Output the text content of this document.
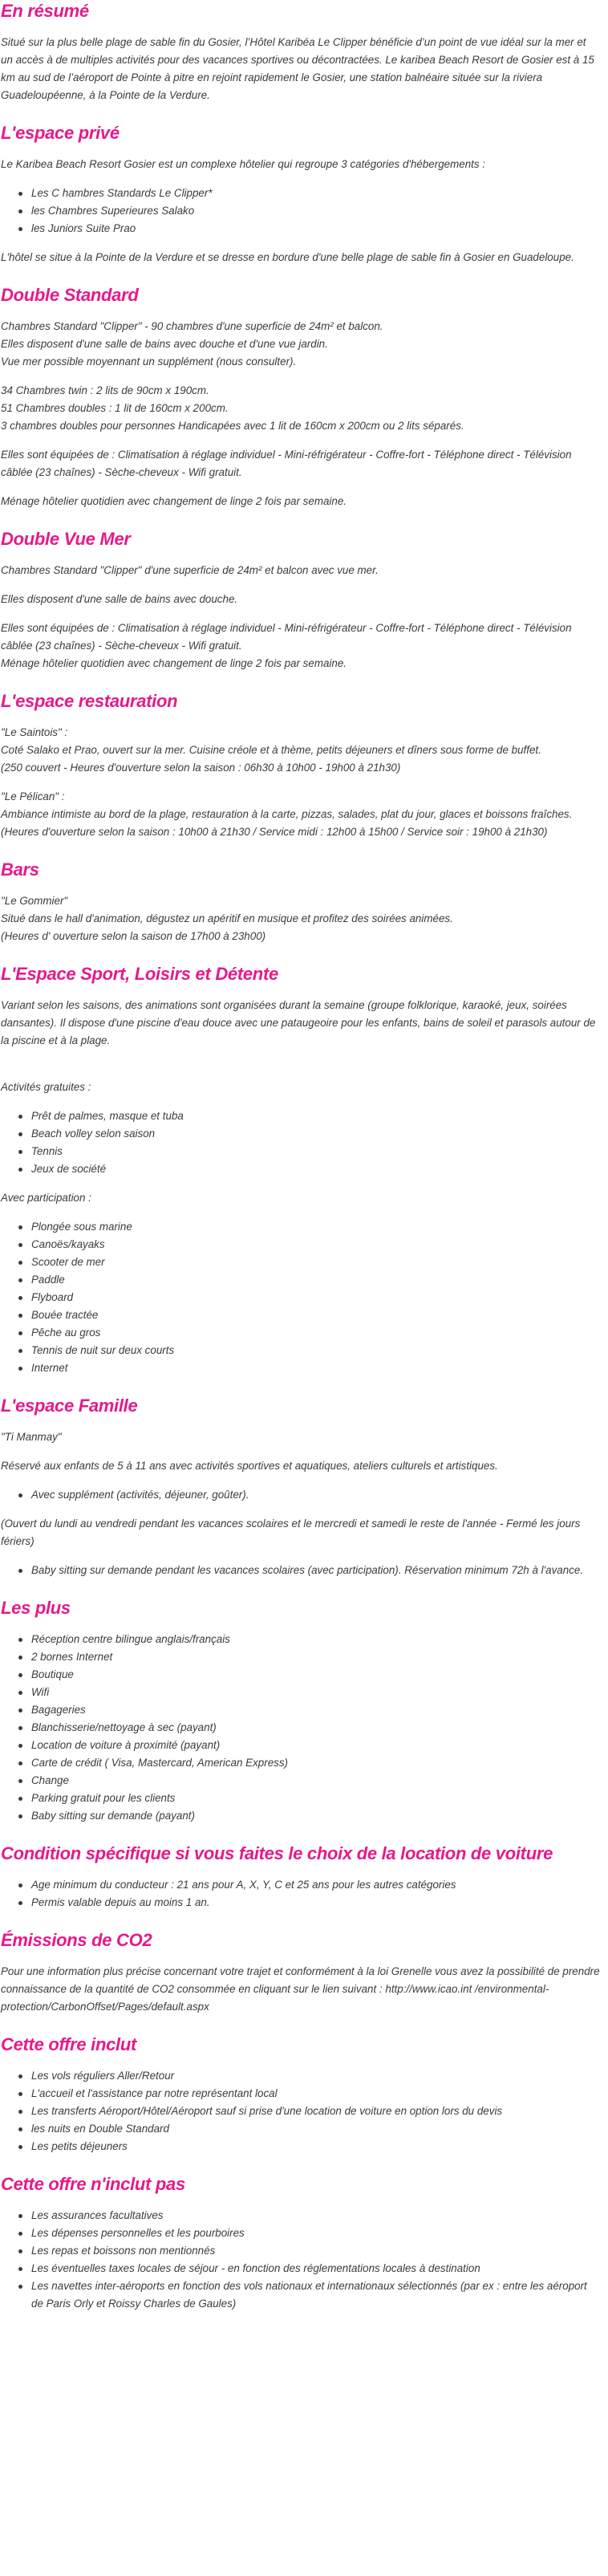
En résumé

Situé sur la plus belle plage de sable fin du Gosier, l’Hôtel Karibéa Le Clipper bénéficie d’un point de vue idéal sur la mer et un accès à de multiples activités pour des vacances sportives ou décontractées. Le karibea Beach Resort de Gosier est à 15 km au sud de l’aéroport de Pointe à pitre en rejoint rapidement le Gosier, une station balnéaire située sur la riviera Guadeloupéenne, à la Pointe de la Verdure.

L'espace privé

Le Karibea Beach Resort Gosier est un complexe hôtelier qui regroupe 3 catégories d'hébergements :

Les C hambres Standards Le Clipper*
les Chambres Superieures Salako
les Juniors Suite Prao

L'hôtel se situe à la Pointe de la Verdure et se dresse en bordure d'une belle plage de sable fin à Gosier en Guadeloupe.

Double Standard

Chambres Standard "Clipper" - 90 chambres d'une superficie de 24m² et balcon.
Elles disposent d'une salle de bains avec douche et d'une vue jardin.
Vue mer possible moyennant un supplément (nous consulter).

34 Chambres twin : 2 lits de 90cm x 190cm.
51 Chambres doubles : 1 lit de 160cm x 200cm.
3 chambres doubles pour personnes Handicapées avec 1 lit de 160cm x 200cm ou 2 lits séparés.

Elles sont équipées de : Climatisation à réglage individuel - Mini-réfrigérateur - Coffre-fort - Téléphone direct - Télévision câblée (23 chaînes) - Sèche-cheveux - Wifi gratuit.

Ménage hôtelier quotidien avec changement de linge 2 fois par semaine.

Double Vue Mer

Chambres Standard "Clipper" d'une superficie de 24m² et balcon avec vue mer.

Elles disposent d'une salle de bains avec douche.

Elles sont équipées de : Climatisation à réglage individuel - Mini-réfrigérateur - Coffre-fort - Téléphone direct - Télévision câblée (23 chaînes) - Sèche-cheveux - Wifi gratuit.
Ménage hôtelier quotidien avec changement de linge 2 fois par semaine.

L'espace restauration

"Le Saintois" :
Coté Salako et Prao, ouvert sur la mer. Cuisine créole et à thème, petits déjeuners et dîners sous forme de buffet.
(250 couvert - Heures d'ouverture selon la saison : 06h30 à 10h00 - 19h00 à 21h30)

"Le Pélican" :
Ambiance intimiste au bord de la plage, restauration à la carte, pizzas, salades, plat du jour, glaces et boissons fraîches.
(Heures d'ouverture selon la saison : 10h00 à 21h30 / Service midi : 12h00 à 15h00 / Service soir : 19h00 à 21h30)

Bars

"Le Gommier"
Situé dans le hall d'animation, dégustez un apéritif en musique et profitez des soirées animées.
(Heures d' ouverture selon la saison de 17h00 à 23h00)

L'Espace Sport, Loisirs et Détente

Variant selon les saisons, des animations sont organisées durant la semaine (groupe folklorique, karaoké, jeux, soirées dansantes). Il dispose d'une piscine d'eau douce avec une pataugeoire pour les enfants, bains de soleil et parasols autour de la piscine et à la plage.

Activités gratuites :

Prêt de palmes, masque et tuba
Beach volley selon saison
Tennis
Jeux de société

Avec participation :

Plongée sous marine
Canoës/kayaks
Scooter de mer
Paddle
Flyboard
Bouée tractée
Pêche au gros
Tennis de nuit sur deux courts
Internet
L'espace Famille

"Ti Manmay"

Réservé aux enfants de 5 à 11 ans avec activités sportives et aquatiques, ateliers culturels et artistiques.

Avec supplément (activités, déjeuner, goûter).

(Ouvert du lundi au vendredi pendant les vacances scolaires et le mercredi et samedi le reste de l'année - Fermé les jours fériers)

Baby sitting sur demande pendant les vacances scolaires (avec participation). Réservation minimum 72h à l'avance.
Les plus
Réception centre bilingue anglais/français
2 bornes Internet
Boutique
Wifi
Bagageries
Blanchisserie/nettoyage à sec (payant)
Location de voiture à proximité (payant)
Carte de crédit ( Visa, Mastercard, American Express)
Change
Parking gratuit pour les clients
Baby sitting sur demande (payant)
Condition spécifique si vous faites le choix de la location de voiture
Age minimum du conducteur : 21 ans pour A, X, Y, C et 25 ans pour les autres catégories
Permis valable depuis au moins 1 an.
Émissions de CO2

Pour une information plus précise concernant votre trajet et conformément à la loi Grenelle vous avez la possibilité de prendre connaissance de la quantité de CO2 consommée en cliquant sur le lien suivant : http://www.icao.int /environmental-protection/CarbonOffset/Pages/default.aspx

Cette offre inclut
Les vols réguliers Aller/Retour
L'accueil et l'assistance par notre représentant local
Les transferts Aéroport/Hôtel/Aéroport sauf si prise d'une location de voiture en option lors du devis
les nuits en Double Standard
Les petits déjeuners
Cette offre n'inclut pas
Les assurances facultatives
Les dépenses personnelles et les pourboires
Les repas et boissons non mentionnés
Les éventuelles taxes locales de séjour - en fonction des réglementations locales à destination
Les navettes inter-aéroports en fonction des vols nationaux et internationaux sélectionnés (par ex : entre les aéroport de Paris Orly et Roissy Charles de Gaules)
